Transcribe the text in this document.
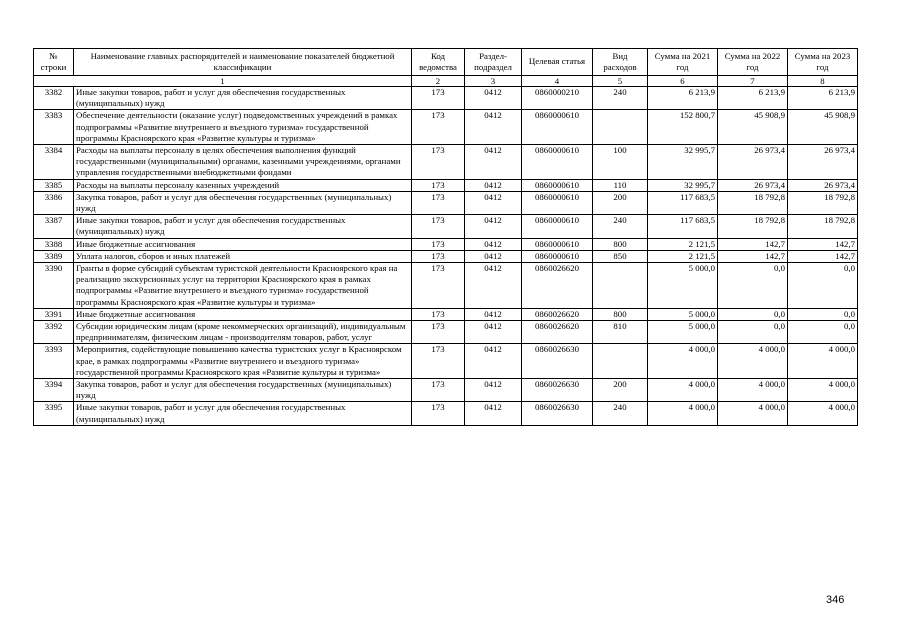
№ строки	Наименование главных распорядителей и наименование показателей бюджетной классификации	Код ведомства	Раздел-подраздел	Целевая статья	Вид расходов	Сумма на 2021 год	Сумма на 2022 год	Сумма на 2023 год
1		2	3	4	5	6	7	8
3382	Иные закупки товаров, работ и услуг для обеспечения государственных (муниципальных) нужд	173	0412	0860000210	240	6 213,9	6 213,9	6 213,9
3383	Обеспечение деятельности (оказание услуг) подведомственных учреждений в рамках подпрограммы «Развитие внутреннего и въездного туризма» государственной программы Красноярского края «Развитие культуры и туризма»	173	0412	0860000610		152 800,7	45 908,9	45 908,9
3384	Расходы на выплаты персоналу в целях обеспечения выполнения функций государственными (муниципальными) органами, казенными учреждениями, органами управления государственными внебюджетными фондами	173	0412	0860000610	100	32 995,7	26 973,4	26 973,4
3385	Расходы на выплаты персоналу казенных учреждений	173	0412	0860000610	110	32 995,7	26 973,4	26 973,4
3386	Закупка товаров, работ и услуг для обеспечения государственных (муниципальных) нужд	173	0412	0860000610	200	117 683,5	18 792,8	18 792,8
3387	Иные закупки товаров, работ и услуг для обеспечения государственных (муниципальных) нужд	173	0412	0860000610	240	117 683,5	18 792,8	18 792,8
3388	Иные бюджетные ассигнования	173	0412	0860000610	800	2 121,5	142,7	142,7
3389	Уплата налогов, сборов и иных платежей	173	0412	0860000610	850	2 121,5	142,7	142,7
3390	Гранты в форме субсидий субъектам туристской деятельности Красноярского края на реализацию экскурсионных услуг на территории Красноярского края в рамках подпрограммы «Развитие внутреннего и въездного туризма» государственной программы Красноярского края «Развитие культуры и туризма»	173	0412	0860026620		5 000,0	0,0	0,0
3391	Иные бюджетные ассигнования	173	0412	0860026620	800	5 000,0	0,0	0,0
3392	Субсидии юридическим лицам (кроме некоммерческих организаций), индивидуальным предпринимателям, физическим лицам - производителям товаров, работ, услуг	173	0412	0860026620	810	5 000,0	0,0	0,0
3393	Мероприятия, содействующие повышению качества туристских услуг в Красноярском крае, в рамках подпрограммы «Развитие внутреннего и въездного туризма» государственной программы Красноярского края «Развитие культуры и туризма»	173	0412	0860026630		4 000,0	4 000,0	4 000,0
3394	Закупка товаров, работ и услуг для обеспечения государственных (муниципальных) нужд	173	0412	0860026630	200	4 000,0	4 000,0	4 000,0
3395	Иные закупки товаров, работ и услуг для обеспечения государственных (муниципальных) нужд	173	0412	0860026630	240	4 000,0	4 000,0	4 000,0
346
